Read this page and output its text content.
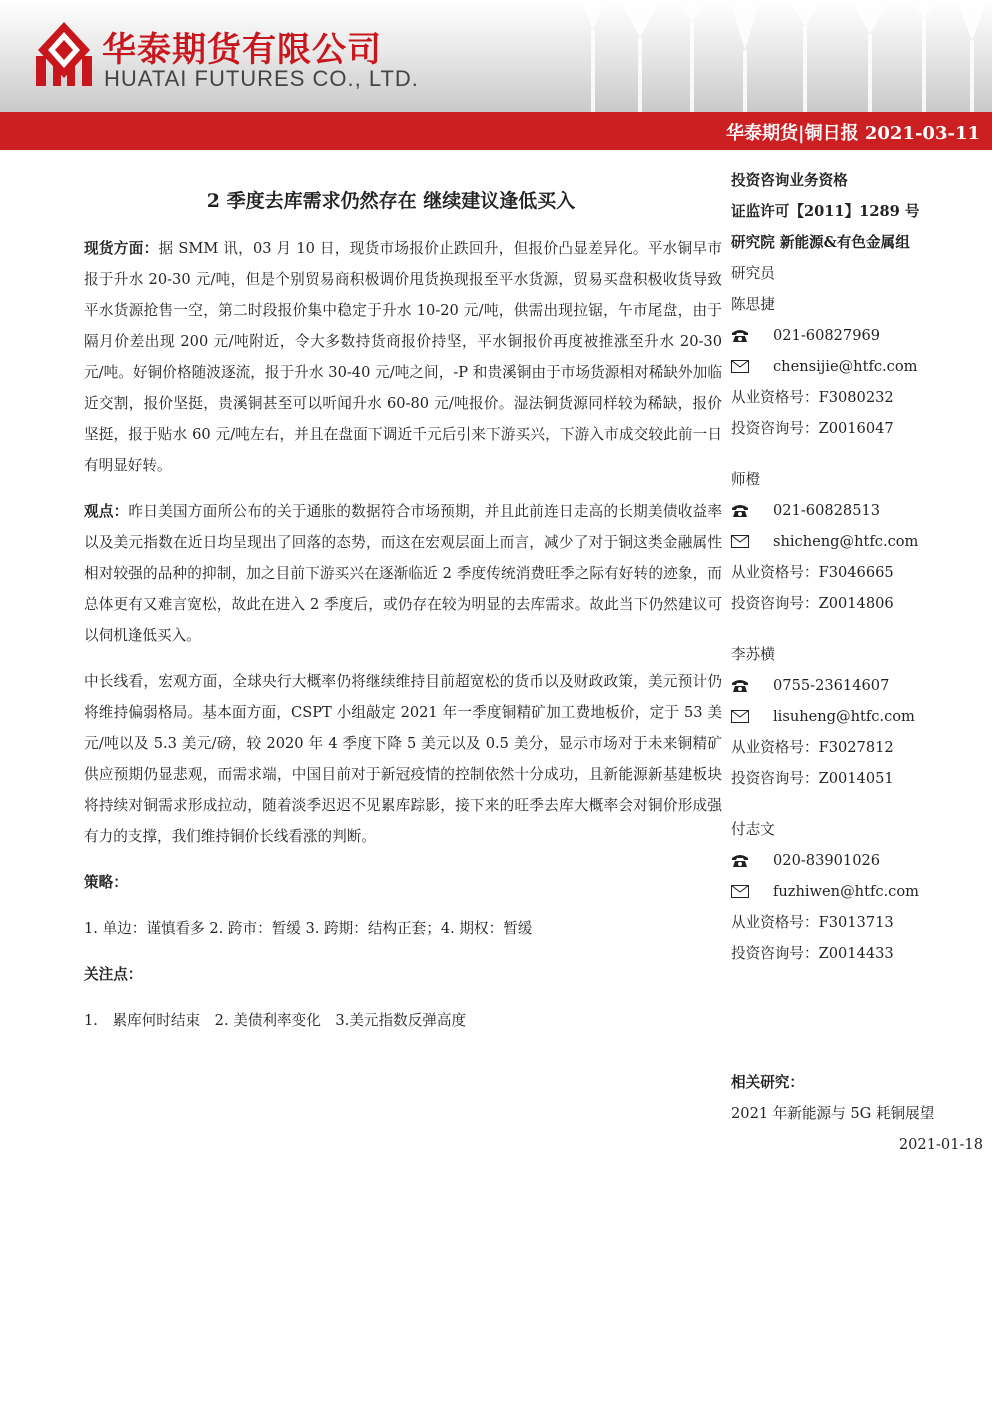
华泰期货有限公司
HUATAI FUTURES CO., LTD.
华泰期货|铜日报 2021-03-11
2 季度去库需求仍然存在 继续建议逢低买入

现货方面：据 SMM 讯，03 月 10 日，现货市场报价止跌回升，但报价凸显差异化。平水铜早市报于升水 20-30 元/吨，但是个别贸易商积极调价甩货换现报至平水货源，贸易买盘积极收货导致平水货源抢售一空，第二时段报价集中稳定于升水 10-20 元/吨，供需出现拉锯，午市尾盘，由于隔月价差出现 200 元/吨附近，令大多数持货商报价持坚，平水铜报价再度被推涨至升水 20-30 元/吨。好铜价格随波逐流，报于升水 30-40 元/吨之间，-P 和贵溪铜由于市场货源相对稀缺外加临近交割，报价坚挺，贵溪铜甚至可以听闻升水 60-80 元/吨报价。湿法铜货源同样较为稀缺，报价坚挺，报于贴水 60 元/吨左右，并且在盘面下调近千元后引来下游买兴，下游入市成交较此前一日有明显好转。

观点：昨日美国方面所公布的关于通胀的数据符合市场预期，并且此前连日走高的长期美债收益率以及美元指数在近日均呈现出了回落的态势，而这在宏观层面上而言，减少了对于铜这类金融属性相对较强的品种的抑制，加之目前下游买兴在逐渐临近 2 季度传统消费旺季之际有好转的迹象，而总体更有又难言宽松，故此在进入 2 季度后，或仍存在较为明显的去库需求。故此当下仍然建议可以伺机逢低买入。

中长线看，宏观方面，全球央行大概率仍将继续维持目前超宽松的货币以及财政政策，美元预计仍将维持偏弱格局。基本面方面，CSPT 小组敲定 2021 年一季度铜精矿加工费地板价，定于 53 美元/吨以及 5.3 美元/磅，较 2020 年 4 季度下降 5 美元以及 0.5 美分，显示市场对于未来铜精矿供应预期仍显悲观，而需求端，中国目前对于新冠疫情的控制依然十分成功，且新能源新基建板块将持续对铜需求形成拉动，随着淡季迟迟不见累库踪影，接下来的旺季去库大概率会对铜价形成强有力的支撑，我们维持铜价长线看涨的判断。

策略：

1. 单边：谨慎看多 2. 跨市：暂缓 3. 跨期：结构正套；4. 期权：暂缓

关注点：

1.　累库何时结束　2. 美债利率变化　3.美元指数反弹高度

投资咨询业务资格
证监许可【2011】1289 号
研究院 新能源&有色金属组
研究员
陈思捷
021-60827969
chensijie@htfc.com
从业资格号：F3080232
投资咨询号：Z0016047
师橙
021-60828513
shicheng@htfc.com
从业资格号：F3046665
投资咨询号：Z0014806
李苏横
0755-23614607
lisuheng@htfc.com
从业资格号：F3027812
投资咨询号：Z0014051
付志文
020-83901026
fuzhiwen@htfc.com
从业资格号：F3013713
投资咨询号：Z0014433
相关研究：
2021 年新能源与 5G 耗铜展望
2021-01-18
